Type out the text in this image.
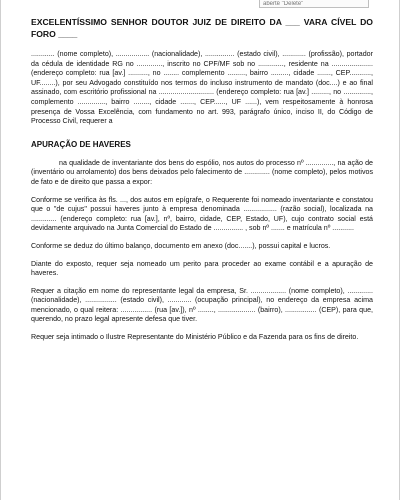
abertê "Delete"
EXCELENTÍSSIMO SENHOR DOUTOR JUIZ DE DIREITO DA ___ VARA CÍVEL DO FORO ____

............ (nome completo), ................. (nacionalidade), ............... (estado civil), ............ (profissão), portador da cédula de identidade RG no ............., inscrito no CPF/MF sob no ............., residente na ..................... (endereço completo: rua [av.] .........., no ........ complemento ........., bairro ........., cidade ......., CEP..........., UF........), por seu Advogado constituído nos termos do incluso instrumento de mandato (doc....) e ao final assinado, com escritório profissional na ............................ (endereço completo: rua [av.] ........., no .............., complemento .............., bairro ........, cidade ......., CEP......, UF ......), vem respeitosamente à honrosa presença de Vossa Excelência, com fundamento no art. 993, parágrafo único, inciso II, do Código de Processo Civil, requerer a

APURAÇÃO DE HAVERES

na qualidade de inventariante dos bens do espólio, nos autos do processo nº .............., na ação de (inventário ou arrolamento) dos bens deixados pelo falecimento de ............. (nome completo), pelos motivos de fato e de direito que passa a expor:

Conforme se verifica às fls. ..., dos autos em epígrafe, o Requerente foi nomeado inventariante e constatou que o "de cujus" possui haveres junto à empresa denominada ................. (razão social), localizada na ............. (endereço completo: rua [av.], nº, bairro, cidade, CEP, Estado, UF), cujo contrato social está devidamente arquivado na Junta Comercial do Estado de ............... , sob nº ....... e matrícula nº ...........

Conforme se deduz do último balanço, documento em anexo (doc.......), possui capital e lucros.

Diante do exposto, requer seja nomeado um perito para proceder ao exame contábil e a apuração de haveres.

Requer a citação em nome do representante legal da empresa, Sr. .................. (nome completo), ............. (nacionalidade), ................ (estado civil), ............ (ocupação principal), no endereço da empresa acima mencionado, o qual reitera: ................ (rua [av.]), nº ........, ................... (bairro), ................ (CEP), para que, querendo, no prazo legal apresente defesa que tiver.

Requer seja intimado o Ilustre Representante do Ministério Público e da Fazenda para os fins de direito.
